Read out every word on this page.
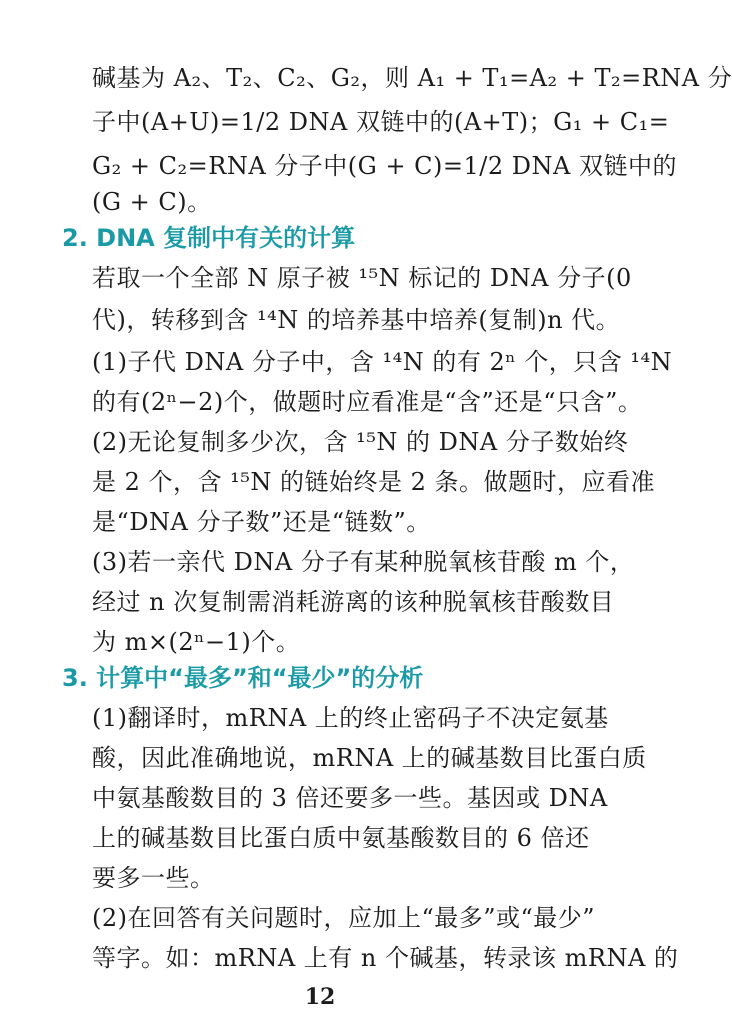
碱基为 A₂、T₂、C₂、G₂，则 A₁ + T₁=A₂ + T₂=RNA 分
子中(A+U)=1/2 DNA 双链中的(A+T)；G₁ + C₁=
G₂ + C₂=RNA 分子中(G + C)=1/2 DNA 双链中的
(G + C)。
2. DNA 复制中有关的计算
若取一个全部 N 原子被 ¹⁵N 标记的 DNA 分子(0
代)，转移到含 ¹⁴N 的培养基中培养(复制)n 代。
(1)子代 DNA 分子中，含 ¹⁴N 的有 2ⁿ 个，只含 ¹⁴N
的有(2ⁿ−2)个，做题时应看准是“含”还是“只含”。
(2)无论复制多少次，含 ¹⁵N 的 DNA 分子数始终
是 2 个，含 ¹⁵N 的链始终是 2 条。做题时，应看准
是“DNA 分子数”还是“链数”。
(3)若一亲代 DNA 分子有某种脱氧核苷酸 m 个，
经过 n 次复制需消耗游离的该种脱氧核苷酸数目
为 m×(2ⁿ−1)个。
3. 计算中“最多”和“最少”的分析
(1)翻译时，mRNA 上的终止密码子不决定氨基
酸，因此准确地说，mRNA 上的碱基数目比蛋白质
中氨基酸数目的 3 倍还要多一些。基因或 DNA
上的碱基数目比蛋白质中氨基酸数目的 6 倍还
要多一些。
(2)在回答有关问题时，应加上“最多”或“最少”
等字。如：mRNA 上有 n 个碱基，转录该 mRNA 的
12
